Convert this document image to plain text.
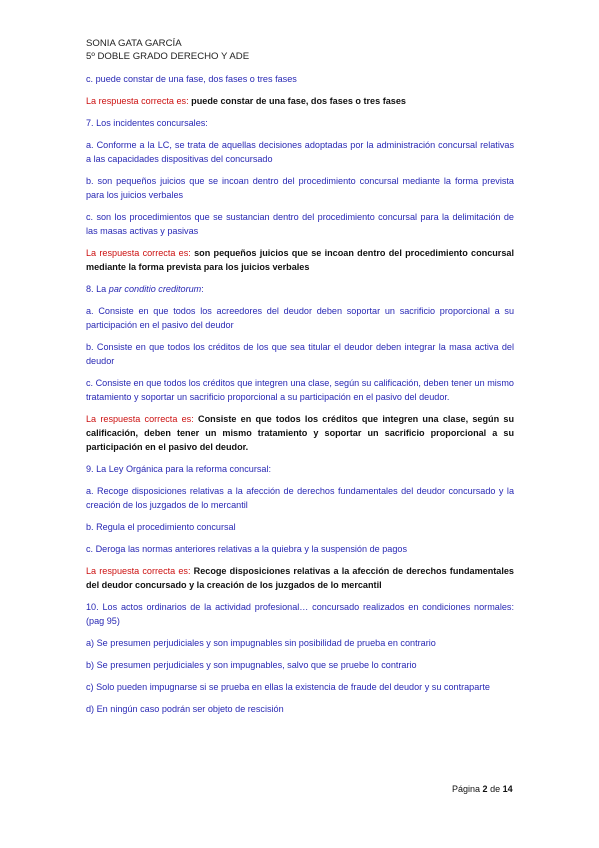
SONIA GATA GARCÍA
5º DOBLE GRADO DERECHO Y ADE

c. puede constar de una fase, dos fases o tres fases

La respuesta correcta es: puede constar de una fase, dos fases o tres fases

7. Los incidentes concursales:

a. Conforme a la LC, se trata de aquellas decisiones adoptadas por la administración concursal relativas a las capacidades dispositivas del concursado

b. son pequeños juicios que se incoan dentro del procedimiento concursal mediante la forma prevista para los juicios verbales

c. son los procedimientos que se sustancian dentro del procedimiento concursal para la delimitación de las masas activas y pasivas

La respuesta correcta es: son pequeños juicios que se incoan dentro del procedimiento concursal mediante la forma prevista para los juicios verbales

8. La par conditio creditorum:

a. Consiste en que todos los acreedores del deudor deben soportar un sacrificio proporcional a su participación en el pasivo del deudor

b. Consiste en que todos los créditos de los que sea titular el deudor deben integrar la masa activa del deudor

c. Consiste en que todos los créditos que integren una clase, según su calificación, deben tener un mismo tratamiento y soportar un sacrificio proporcional a su participación en el pasivo del deudor.

La respuesta correcta es: Consiste en que todos los créditos que integren una clase, según su calificación, deben tener un mismo tratamiento y soportar un sacrificio proporcional a su participación en el pasivo del deudor.

9. La Ley Orgánica para la reforma concursal:

a. Recoge disposiciones relativas a la afección de derechos fundamentales del deudor concursado y la creación de los juzgados de lo mercantil

b. Regula el procedimiento concursal

c. Deroga las normas anteriores relativas a la quiebra y la suspensión de pagos

La respuesta correcta es: Recoge disposiciones relativas a la afección de derechos fundamentales del deudor concursado y la creación de los juzgados de lo mercantil

10. Los actos ordinarios de la actividad profesional… concursado realizados en condiciones normales: (pag 95)

a) Se presumen perjudiciales y son impugnables sin posibilidad de prueba en contrario

b) Se presumen perjudiciales y son impugnables, salvo que se pruebe lo contrario

c) Solo pueden impugnarse si se prueba en ellas la existencia de fraude del deudor y su contraparte

d) En ningún caso podrán ser objeto de rescisión

Página 2 de 14
